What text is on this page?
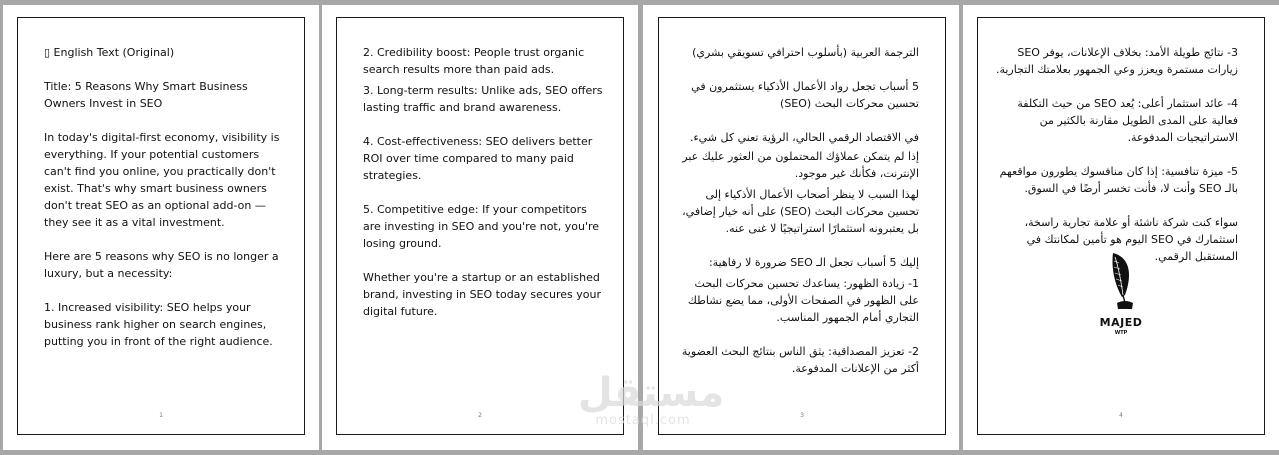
▯ English Text (Original)

Title: 5 Reasons Why Smart Business Owners Invest in SEO

In today's digital-first economy, visibility is everything. If your potential customers can't find you online, you practically don't exist. That's why smart business owners don't treat SEO as an optional add-on — they see it as a vital investment.

Here are 5 reasons why SEO is no longer a luxury, but a necessity:

1. Increased visibility: SEO helps your business rank higher on search engines, putting you in front of the right audience.

1

2. Credibility boost: People trust organic search results more than paid ads.

3. Long-term results: Unlike ads, SEO offers lasting traffic and brand awareness.

4. Cost-effectiveness: SEO delivers better ROI over time compared to many paid strategies.

5. Competitive edge: If your competitors are investing in SEO and you're not, you're losing ground.

Whether you're a startup or an established brand, investing in SEO today secures your digital future.

2

الترجمة العربية (بأسلوب احترافي تسويقي بشري)

5 أسباب تجعل رواد الأعمال الأذكياء يستثمرون في تحسين محركات البحث (SEO)

في الاقتصاد الرقمي الحالي، الرؤية تعني كل شيء.

إذا لم يتمكن عملاؤك المحتملون من العثور عليك عبر الإنترنت، فكأنك غير موجود.

لهذا السبب لا ينظر أصحاب الأعمال الأذكياء إلى تحسين محركات البحث (SEO) على أنه خيار إضافي، بل يعتبرونه استثمارًا استراتيجيًا لا غنى عنه.

إليك 5 أسباب تجعل الـ SEO ضرورة لا رفاهية:

1- زيادة الظهور: يساعدك تحسين محركات البحث على الظهور في الصفحات الأولى، مما يضع نشاطك التجاري أمام الجمهور المناسب.

2- تعزيز المصداقية: يثق الناس بنتائج البحث العضوية أكثر من الإعلانات المدفوعة.

3

3- نتائج طويلة الأمد: بخلاف الإعلانات، يوفر SEO زيارات مستمرة ويعزز وعي الجمهور بعلامتك التجارية.

4- عائد استثمار أعلى: يُعد SEO من حيث التكلفة فعالية على المدى الطويل مقارنة بالكثير من الاستراتيجيات المدفوعة.

5- ميزة تنافسية: إذا كان منافسوك يطورون مواقعهم بالـ SEO وأنت لا، فأنت تخسر أرضًا في السوق.

سواء كنت شركة ناشئة أو علامة تجارية راسخة، استثمارك في SEO اليوم هو تأمين لمكانتك في المستقبل الرقمي.

MAJED
WTP
4
مستقل
mostaql.com
